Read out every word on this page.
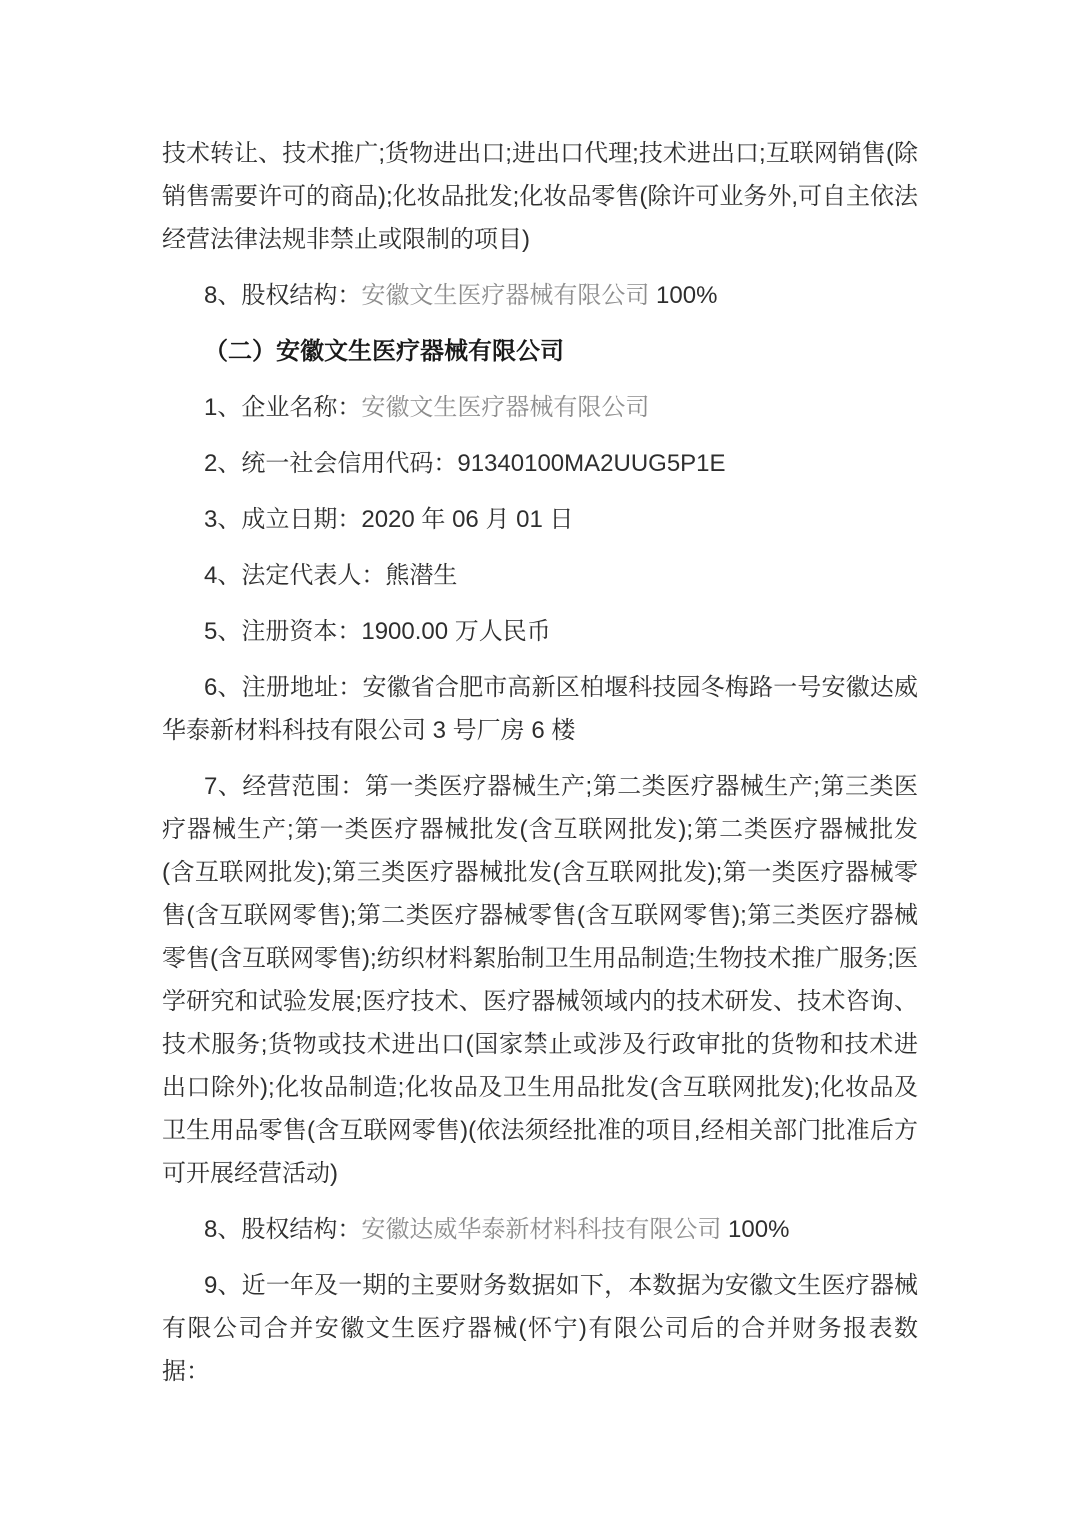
技术转让、技术推广;货物进出口;进出口代理;技术进出口;互联网销售(除销售需要许可的商品);化妆品批发;化妆品零售(除许可业务外,可自主依法经营法律法规非禁止或限制的项目)

8、股权结构：安徽文生医疗器械有限公司 100%

（二）安徽文生医疗器械有限公司

1、企业名称：安徽文生医疗器械有限公司

2、统一社会信用代码：91340100MA2UUG5P1E

3、成立日期：2020 年 06 月 01 日

4、法定代表人：熊潜生

5、注册资本：1900.00 万人民币

6、注册地址：安徽省合肥市高新区柏堰科技园冬梅路一号安徽达威华泰新材料科技有限公司 3 号厂房 6 楼

7、经营范围：第一类医疗器械生产;第二类医疗器械生产;第三类医疗器械生产;第一类医疗器械批发(含互联网批发);第二类医疗器械批发(含互联网批发);第三类医疗器械批发(含互联网批发);第一类医疗器械零售(含互联网零售);第二类医疗器械零售(含互联网零售);第三类医疗器械零售(含互联网零售);纺织材料絮胎制卫生用品制造;生物技术推广服务;医学研究和试验发展;医疗技术、医疗器械领域内的技术研发、技术咨询、技术服务;货物或技术进出口(国家禁止或涉及行政审批的货物和技术进出口除外);化妆品制造;化妆品及卫生用品批发(含互联网批发);化妆品及卫生用品零售(含互联网零售)(依法须经批准的项目,经相关部门批准后方可开展经营活动)

8、股权结构：安徽达威华泰新材料科技有限公司 100%

9、近一年及一期的主要财务数据如下，本数据为安徽文生医疗器械有限公司合并安徽文生医疗器械(怀宁)有限公司后的合并财务报表数据：
